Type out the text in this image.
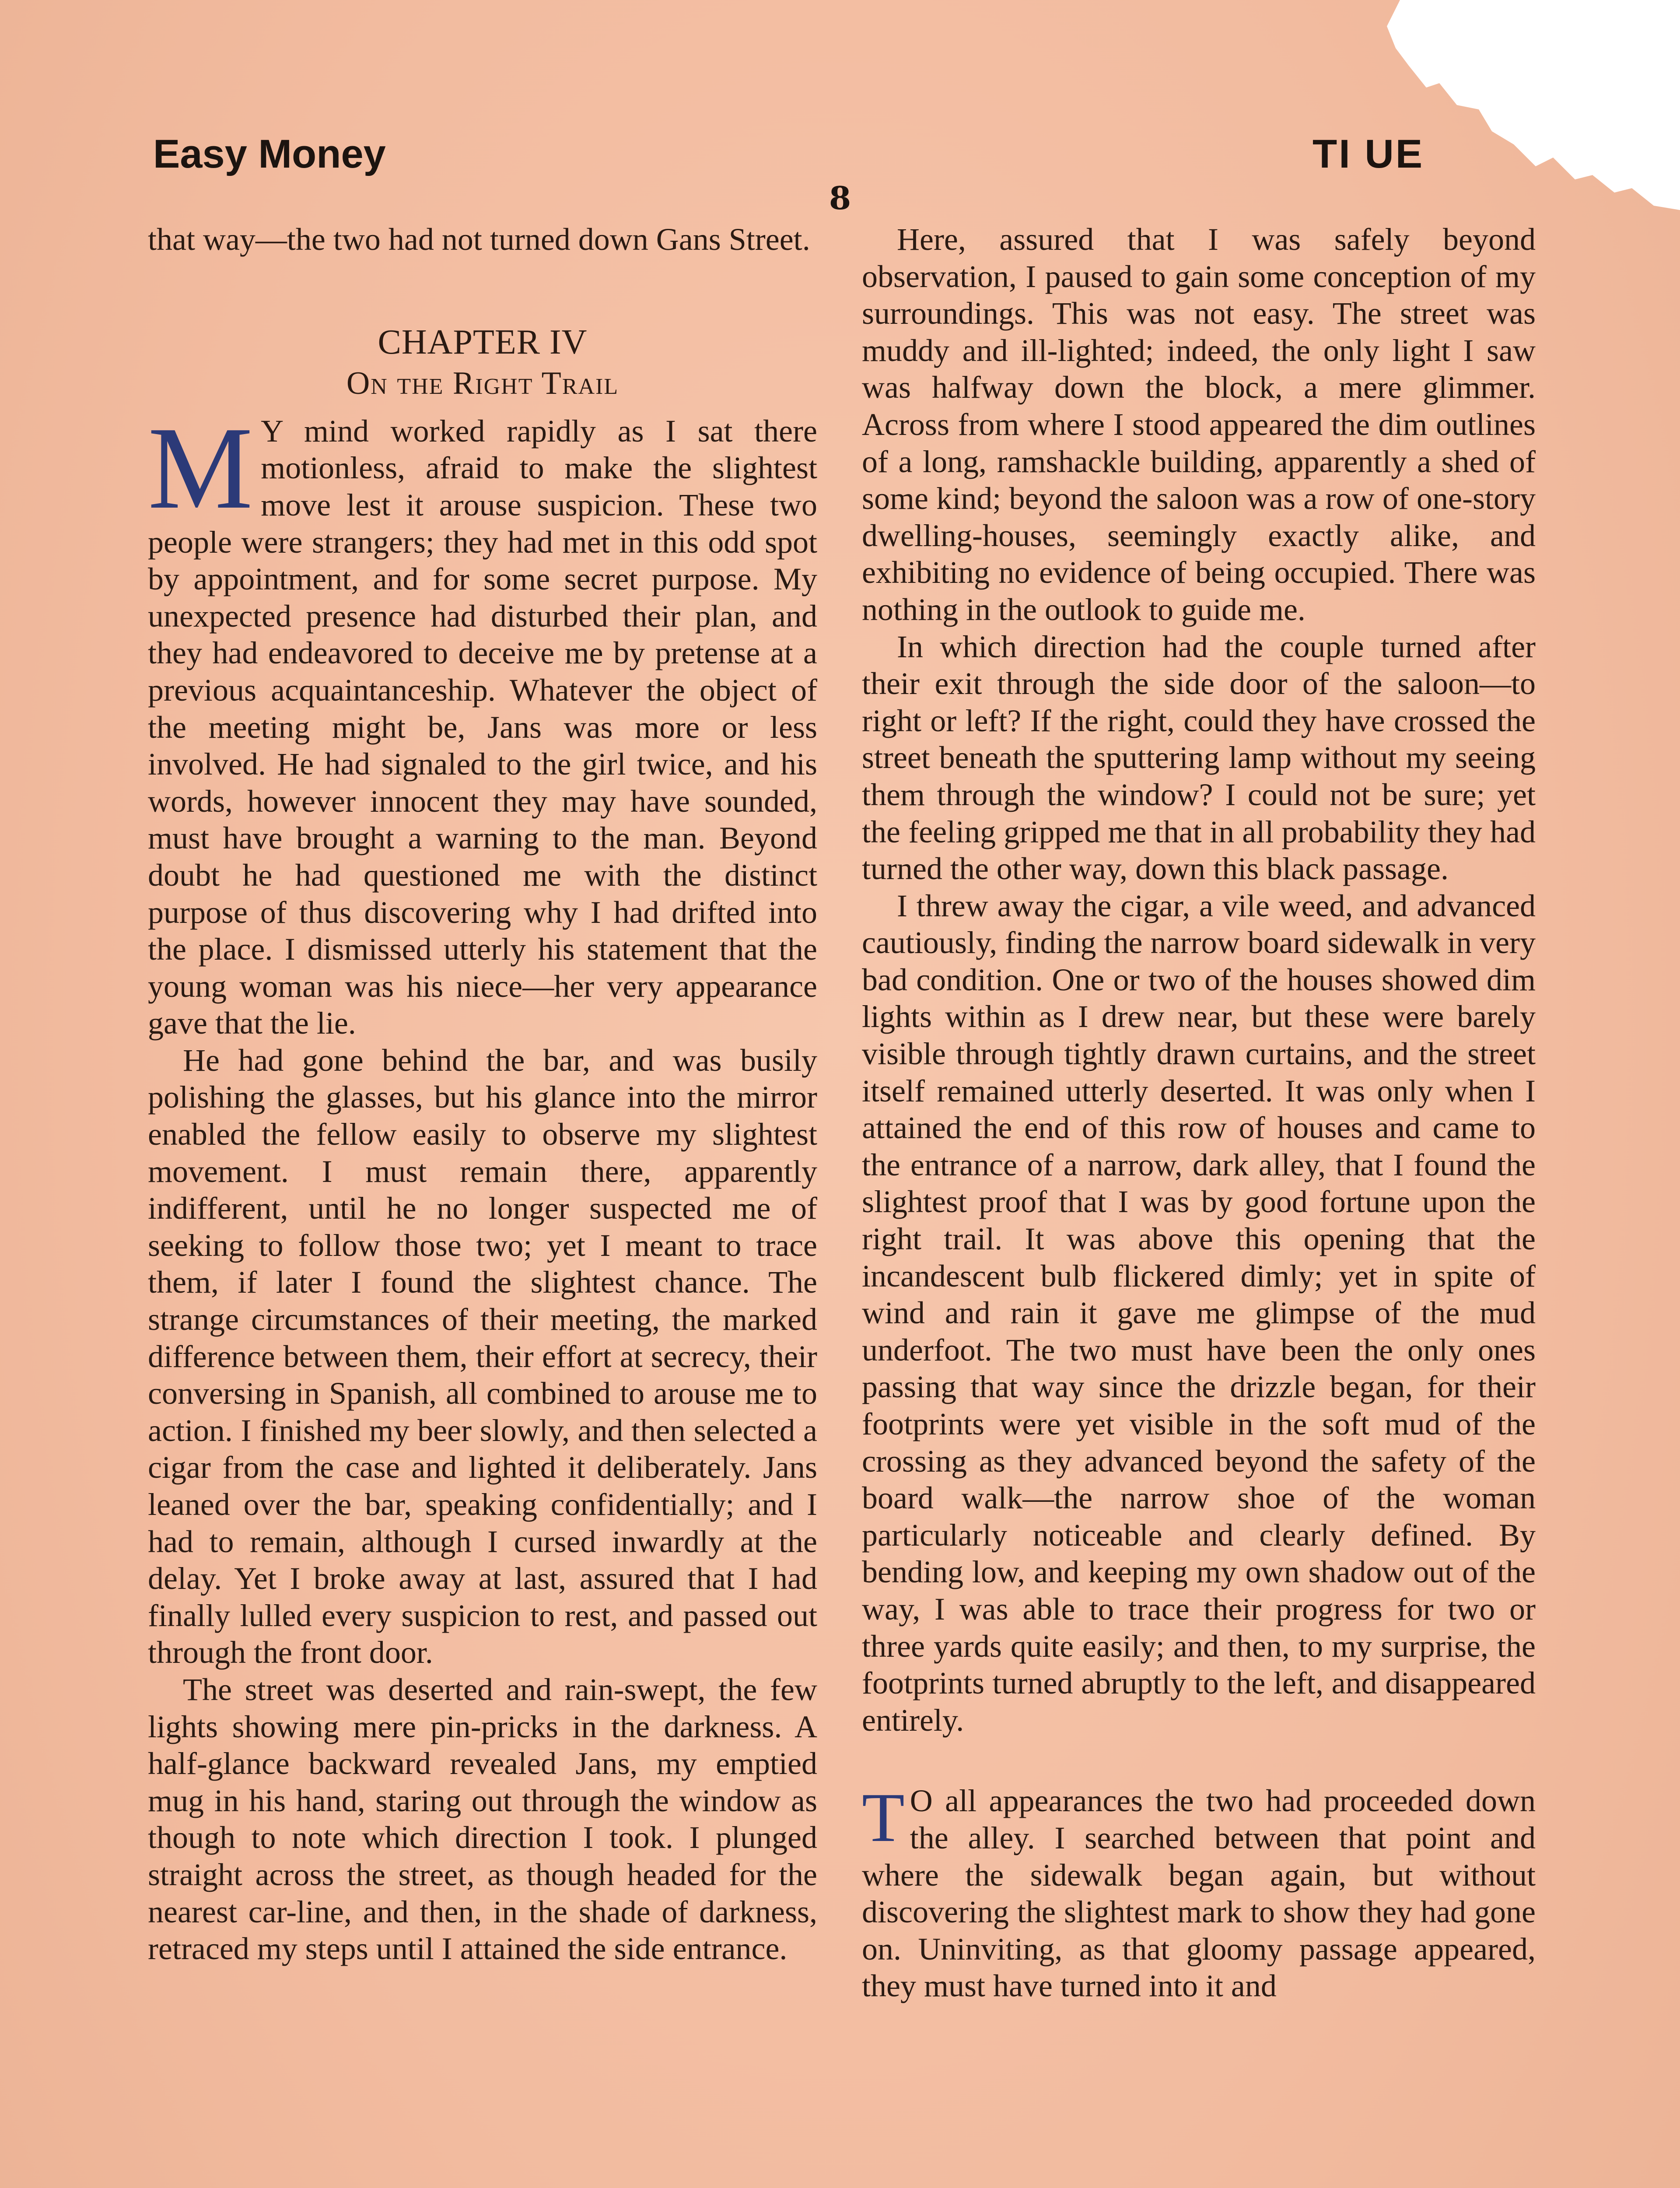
Easy Money	TI UE
8

that way—the two had not turned down Gans Street.

CHAPTER IV
On the Right Trail

M Y mind worked rapidly as I sat there motionless, afraid to make the slightest move lest it arouse suspicion. These two people were strangers; they had met in this odd spot by appointment, and for some secret purpose. My unexpected presence had disturbed their plan, and they had endeavored to deceive me by pretense at a previous acquaintanceship. Whatever the object of the meeting might be, Jans was more or less involved. He had signaled to the girl twice, and his words, however innocent they may have sounded, must have brought a warning to the man. Beyond doubt he had questioned me with the distinct purpose of thus discovering why I had drifted into the place. I dismissed utterly his statement that the young woman was his niece—her very appearance gave that the lie.

He had gone behind the bar, and was busily polishing the glasses, but his glance into the mirror enabled the fellow easily to observe my slightest movement. I must remain there, apparently indifferent, until he no longer suspected me of seeking to follow those two; yet I meant to trace them, if later I found the slightest chance. The strange circumstances of their meeting, the marked difference between them, their effort at secrecy, their conversing in Spanish, all combined to arouse me to action. I finished my beer slowly, and then selected a cigar from the case and lighted it deliberately. Jans leaned over the bar, speaking confidentially; and I had to remain, although I cursed inwardly at the delay. Yet I broke away at last, assured that I had finally lulled every suspicion to rest, and passed out through the front door.

The street was deserted and rain-swept, the few lights showing mere pin-pricks in the darkness. A half-glance backward revealed Jans, my emptied mug in his hand, staring out through the window as though to note which direction I took. I plunged straight across the street, as though headed for the nearest car-line, and then, in the shade of darkness, retraced my steps until I attained the side entrance.

Here, assured that I was safely beyond observation, I paused to gain some conception of my surroundings. This was not easy. The street was muddy and ill-lighted; indeed, the only light I saw was halfway down the block, a mere glimmer. Across from where I stood appeared the dim outlines of a long, ramshackle building, apparently a shed of some kind; beyond the saloon was a row of one-story dwelling-houses, seemingly exactly alike, and exhibiting no evidence of being occupied. There was nothing in the outlook to guide me.

In which direction had the couple turned after their exit through the side door of the saloon—to right or left? If the right, could they have crossed the street beneath the sputtering lamp without my seeing them through the window? I could not be sure; yet the feeling gripped me that in all probability they had turned the other way, down this black passage.

I threw away the cigar, a vile weed, and advanced cautiously, finding the narrow board sidewalk in very bad condition. One or two of the houses showed dim lights within as I drew near, but these were barely visible through tightly drawn curtains, and the street itself remained utterly deserted. It was only when I attained the end of this row of houses and came to the entrance of a narrow, dark alley, that I found the slightest proof that I was by good fortune upon the right trail. It was above this opening that the incandescent bulb flickered dimly; yet in spite of wind and rain it gave me glimpse of the mud underfoot. The two must have been the only ones passing that way since the drizzle began, for their footprints were yet visible in the soft mud of the crossing as they advanced beyond the safety of the board walk—the narrow shoe of the woman particularly noticeable and clearly defined. By bending low, and keeping my own shadow out of the way, I was able to trace their progress for two or three yards quite easily; and then, to my surprise, the footprints turned abruptly to the left, and disappeared entirely.

T O all appearances the two had proceeded down the alley. I searched between that point and where the sidewalk began again, but without discovering the slightest mark to show they had gone on. Uninviting, as that gloomy passage appeared, they must have turned into it and
